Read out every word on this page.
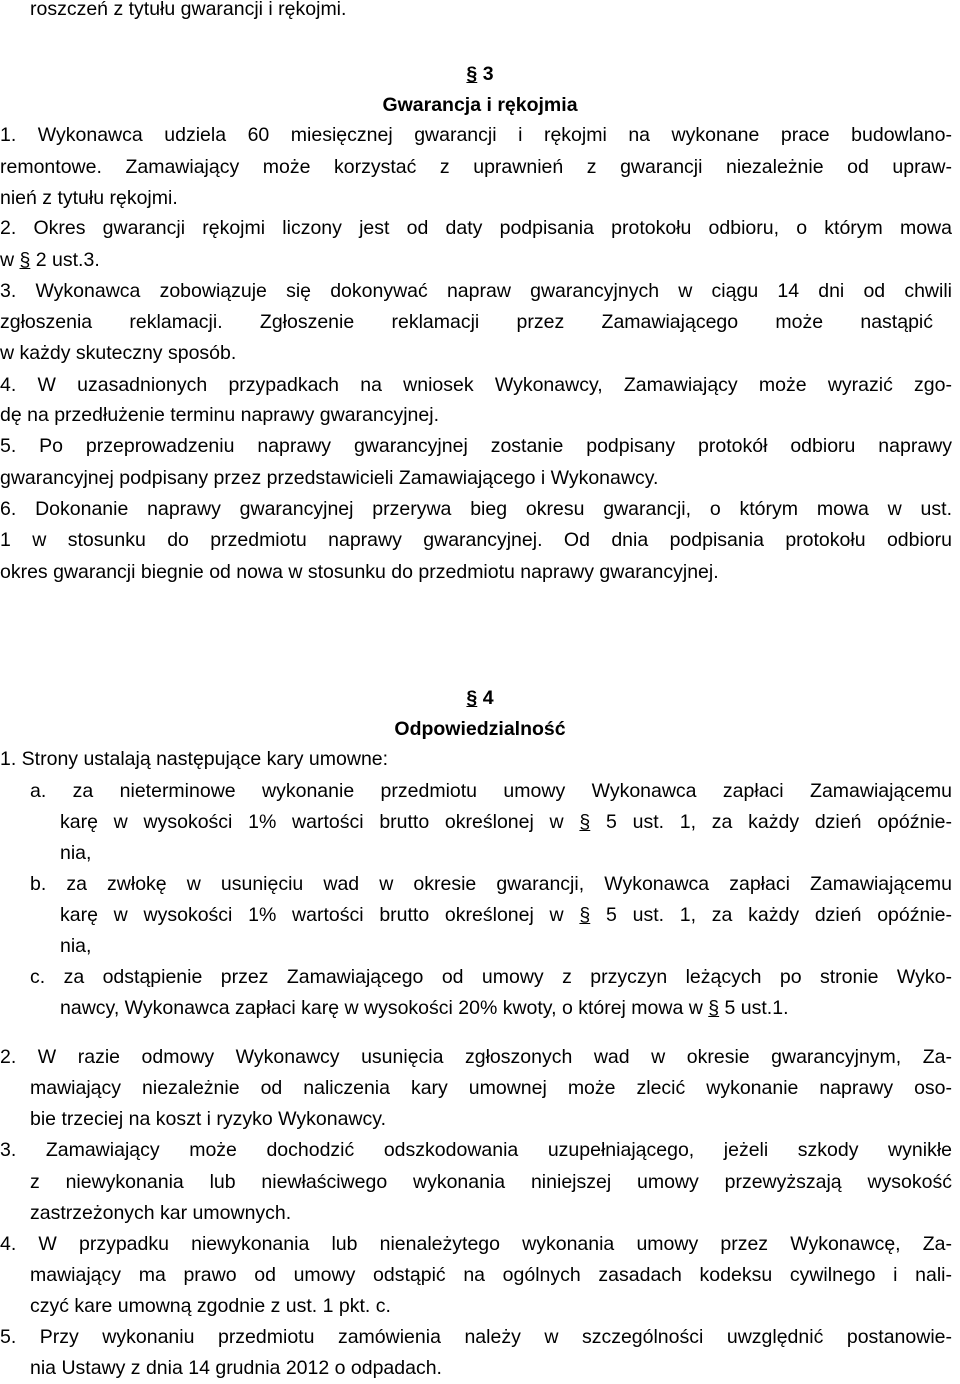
roszczeń z tytułu gwarancji i rękojmi.
§ 3
Gwarancja i rękojmia
1. Wykonawca udziela 60 miesięcznej gwarancji i rękojmi na wykonane prace budowlano-
remontowe. Zamawiający może korzystać z uprawnień z gwarancji niezależnie od upraw-
nień z tytułu rękojmi.
2. Okres gwarancji rękojmi liczony jest od daty podpisania protokołu odbioru, o którym mowa
w § 2 ust.3.
3. Wykonawca zobowiązuje się dokonywać napraw gwarancyjnych w ciągu 14 dni od chwili
zgłoszenia reklamacji. Zgłoszenie reklamacji przez Zamawiającego może nastąpić
w każdy skuteczny sposób.
4. W uzasadnionych przypadkach na wniosek Wykonawcy, Zamawiający może wyrazić zgo-
dę na przedłużenie terminu naprawy gwarancyjnej.
5. Po przeprowadzeniu naprawy gwarancyjnej zostanie podpisany protokół odbioru naprawy
gwarancyjnej podpisany przez przedstawicieli Zamawiającego i Wykonawcy.
6. Dokonanie naprawy gwarancyjnej przerywa bieg okresu gwarancji, o którym mowa w ust.
1 w stosunku do przedmiotu naprawy gwarancyjnej. Od dnia podpisania protokołu odbioru
okres gwarancji biegnie od nowa w stosunku do przedmiotu naprawy gwarancyjnej.
§ 4
Odpowiedzialność
1. Strony ustalają następujące kary umowne:
a. za nieterminowe wykonanie przedmiotu umowy Wykonawca zapłaci Zamawiającemu
karę w wysokości 1% wartości brutto określonej w § 5 ust. 1, za każdy dzień opóźnie-
nia,
b. za zwłokę w usunięciu wad w okresie gwarancji, Wykonawca zapłaci Zamawiającemu
karę w wysokości 1% wartości brutto określonej w § 5 ust. 1, za każdy dzień opóźnie-
nia,
c. za odstąpienie przez Zamawiającego od umowy z przyczyn leżących po stronie Wyko-
nawcy, Wykonawca zapłaci karę w wysokości 20% kwoty, o której mowa w § 5 ust.1.
2. W razie odmowy Wykonawcy usunięcia zgłoszonych wad w okresie gwarancyjnym, Za-
mawiający niezależnie od naliczenia kary umownej może zlecić wykonanie naprawy oso-
bie trzeciej na koszt i ryzyko Wykonawcy.
3. Zamawiający może dochodzić odszkodowania uzupełniającego, jeżeli szkody wynikłe
z niewykonania lub niewłaściwego wykonania niniejszej umowy przewyższają wysokość
zastrzeżonych kar umownych.
4. W przypadku niewykonania lub nienależytego wykonania umowy przez Wykonawcę, Za-
mawiający ma prawo od umowy odstąpić na ogólnych zasadach kodeksu cywilnego i nali-
czyć kare umowną zgodnie z ust. 1 pkt. c.
5. Przy wykonaniu przedmiotu zamówienia należy w szczególności uwzględnić postanowie-
nia Ustawy z dnia 14 grudnia 2012 o odpadach.
